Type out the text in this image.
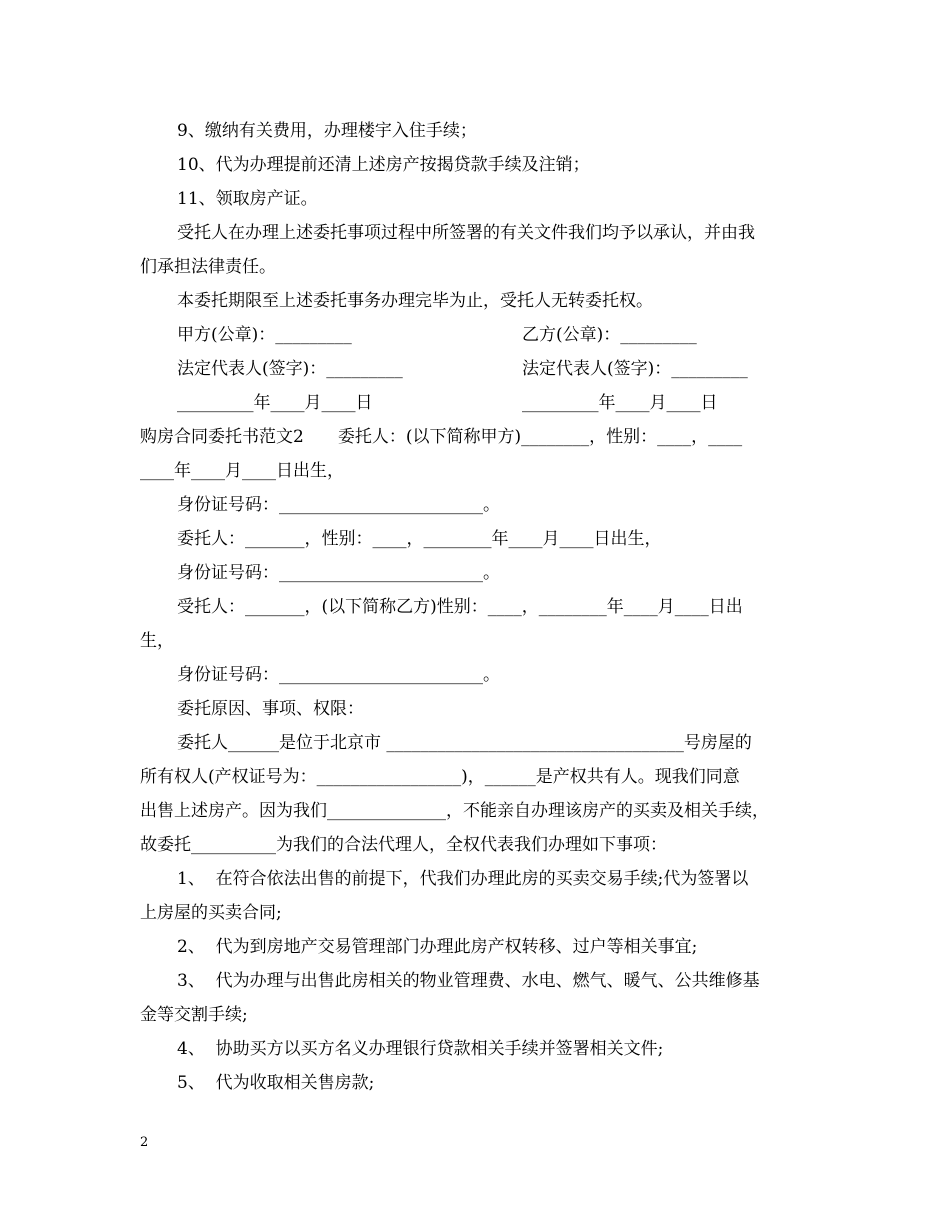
9、缴纳有关费用，办理楼宇入住手续；
10、代为办理提前还清上述房产按揭贷款手续及注销；
11、领取房产证。
受托人在办理上述委托事项过程中所签署的有关文件我们均予以承认，并由我
们承担法律责任。
本委托期限至上述委托事务办理完毕为止，受托人无转委托权。
甲方(公章)：_________	乙方(公章)：_________
法定代表人(签字)：_________	法定代表人(签字)：_________
_________年____月____日	_________年____月____日
购房合同委托书范文2　　委托人：(以下简称甲方)________，性别：____，____
____年____月____日出生，
身份证号码：________________________。
委托人：_______，性别：____，________年____月____日出生，
身份证号码：________________________。
受托人：_______，(以下简称乙方)性别：____，________年____月____日出
生，
身份证号码：________________________。
委托原因、事项、权限：
委托人______是位于北京市 ___________________________________号房屋的
所有权人(产权证号为：_________________)，______是产权共有人。现我们同意
出售上述房产。因为我们______________，不能亲自办理该房产的买卖及相关手续，
故委托__________为我们的合法代理人，全权代表我们办理如下事项：
1、  在符合依法出售的前提下，代我们办理此房的买卖交易手续;代为签署以
上房屋的买卖合同;
2、  代为到房地产交易管理部门办理此房产权转移、过户等相关事宜;
3、  代为办理与出售此房相关的物业管理费、水电、燃气、暖气、公共维修基
金等交割手续;
4、  协助买方以买方名义办理银行贷款相关手续并签署相关文件;
5、  代为收取相关售房款;
2
